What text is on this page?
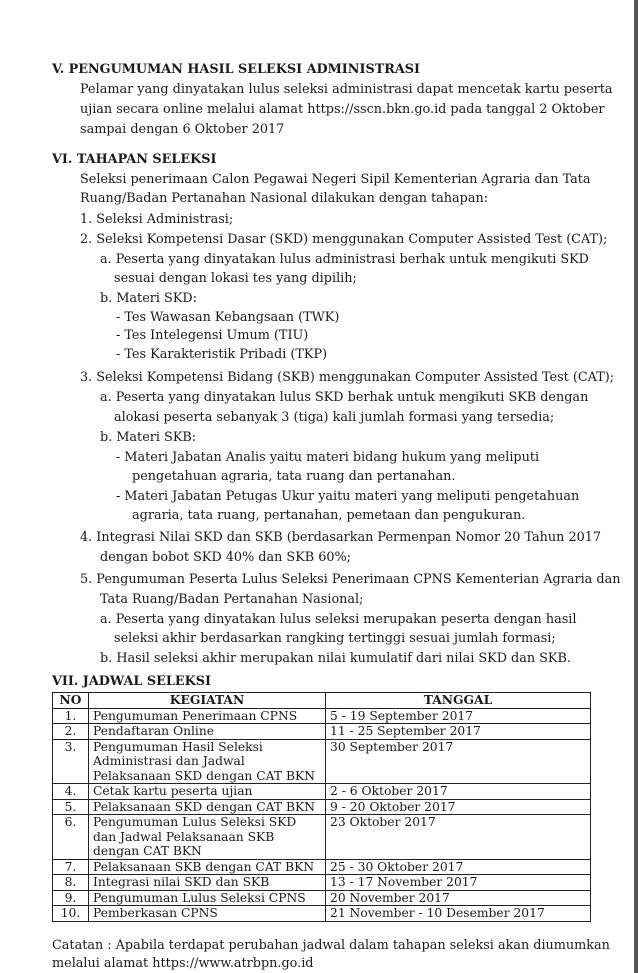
V. PENGUMUMAN HASIL SELEKSI ADMINISTRASI
Pelamar yang dinyatakan lulus seleksi administrasi dapat mencetak kartu peserta
ujian secara online melalui alamat https://sscn.bkn.go.id pada tanggal 2 Oktober
sampai dengan 6 Oktober 2017
VI. TAHAPAN SELEKSI
Seleksi penerimaan Calon Pegawai Negeri Sipil Kementerian Agraria dan Tata
Ruang/Badan Pertanahan Nasional dilakukan dengan tahapan:
1. Seleksi Administrasi;
2. Seleksi Kompetensi Dasar (SKD) menggunakan Computer Assisted Test (CAT);
a. Peserta yang dinyatakan lulus administrasi berhak untuk mengikuti SKD
sesuai dengan lokasi tes yang dipilih;
b. Materi SKD:
- Tes Wawasan Kebangsaan (TWK)
- Tes Intelegensi Umum (TIU)
- Tes Karakteristik Pribadi (TKP)
3. Seleksi Kompetensi Bidang (SKB) menggunakan Computer Assisted Test (CAT);
a. Peserta yang dinyatakan lulus SKD berhak untuk mengikuti SKB dengan
alokasi peserta sebanyak 3 (tiga) kali jumlah formasi yang tersedia;
b. Materi SKB:
- Materi Jabatan Analis yaitu materi bidang hukum yang meliputi
pengetahuan agraria, tata ruang dan pertanahan.
- Materi Jabatan Petugas Ukur yaitu materi yang meliputi pengetahuan
agraria, tata ruang, pertanahan, pemetaan dan pengukuran.
4. Integrasi Nilai SKD dan SKB (berdasarkan Permenpan Nomor 20 Tahun 2017
dengan bobot SKD 40% dan SKB 60%;
5. Pengumuman Peserta Lulus Seleksi Penerimaan CPNS Kementerian Agraria dan
Tata Ruang/Badan Pertanahan Nasional;
a. Peserta yang dinyatakan lulus seleksi merupakan peserta dengan hasil
seleksi akhir berdasarkan rangking tertinggi sesuai jumlah formasi;
b. Hasil seleksi akhir merupakan nilai kumulatif dari nilai SKD dan SKB.
VII. JADWAL SELEKSI
NO	KEGIATAN	TANGGAL
1.	Pengumuman Penerimaan CPNS	5 - 19 September 2017
2.	Pendaftaran Online	11 - 25 September 2017
3.	Pengumuman Hasil Seleksi Administrasi dan Jadwal Pelaksanaan SKD dengan CAT BKN	30 September 2017
4.	Cetak kartu peserta ujian	2 - 6 Oktober 2017
5.	Pelaksanaan SKD dengan CAT BKN	9 - 20 Oktober 2017
6.	Pengumuman Lulus Seleksi SKD dan Jadwal Pelaksanaan SKB dengan CAT BKN	23 Oktober 2017
7.	Pelaksanaan SKB dengan CAT BKN	25 - 30 Oktober 2017
8.	Integrasi nilai SKD dan SKB	13 - 17 November 2017
9.	Pengumuman Lulus Seleksi CPNS	20 November 2017
10.	Pemberkasan CPNS	21 November - 10 Desember 2017
Catatan : Apabila terdapat perubahan jadwal dalam tahapan seleksi akan diumumkan
melalui alamat https://www.atrbpn.go.id
